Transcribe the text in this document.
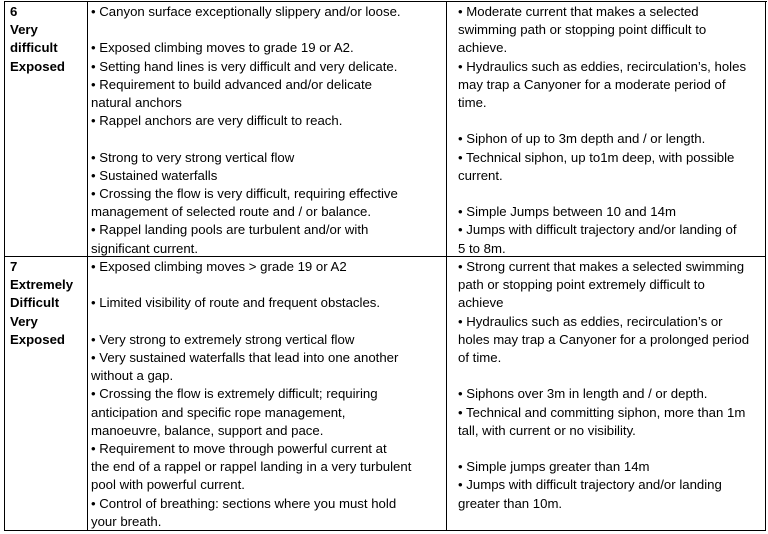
6

Very

difficult

Exposed

• Canyon surface exceptionally slippery and/or loose.

• Exposed climbing moves to grade 19 or A2.

• Setting hand lines is very difficult and very delicate.

• Requirement to build advanced and/or delicate

natural anchors

• Rappel anchors are very difficult to reach.

• Strong to very strong vertical flow

• Sustained waterfalls

• Crossing the flow is very difficult, requiring effective

management of selected route and / or balance.

• Rappel landing pools are turbulent and/or with

significant current.

• Moderate current that makes a selected

swimming path or stopping point difficult to

achieve.

• Hydraulics such as eddies, recirculation’s, holes

may trap a Canyoner for a moderate period of

time.

• Siphon of up to 3m depth and / or length.

• Technical siphon, up to1m deep, with possible

current.

• Simple Jumps between 10 and 14m

• Jumps with difficult trajectory and/or landing of

5 to 8m.

7

Extremely

Difficult

Very

Exposed

• Exposed climbing moves > grade 19 or A2

• Limited visibility of route and frequent obstacles.

• Very strong to extremely strong vertical flow

• Very sustained waterfalls that lead into one another

without a gap.

• Crossing the flow is extremely difficult; requiring

anticipation and specific rope management,

manoeuvre, balance, support and pace.

• Requirement to move through powerful current at

the end of a rappel or rappel landing in a very turbulent

pool with powerful current.

• Control of breathing: sections where you must hold

your breath.

• Strong current that makes a selected swimming

path or stopping point extremely difficult to

achieve

• Hydraulics such as eddies, recirculation’s or

holes may trap a Canyoner for a prolonged period

of time.

• Siphons over 3m in length and / or depth.

• Technical and committing siphon, more than 1m

tall, with current or no visibility.

• Simple jumps greater than 14m

• Jumps with difficult trajectory and/or landing

greater than 10m.
